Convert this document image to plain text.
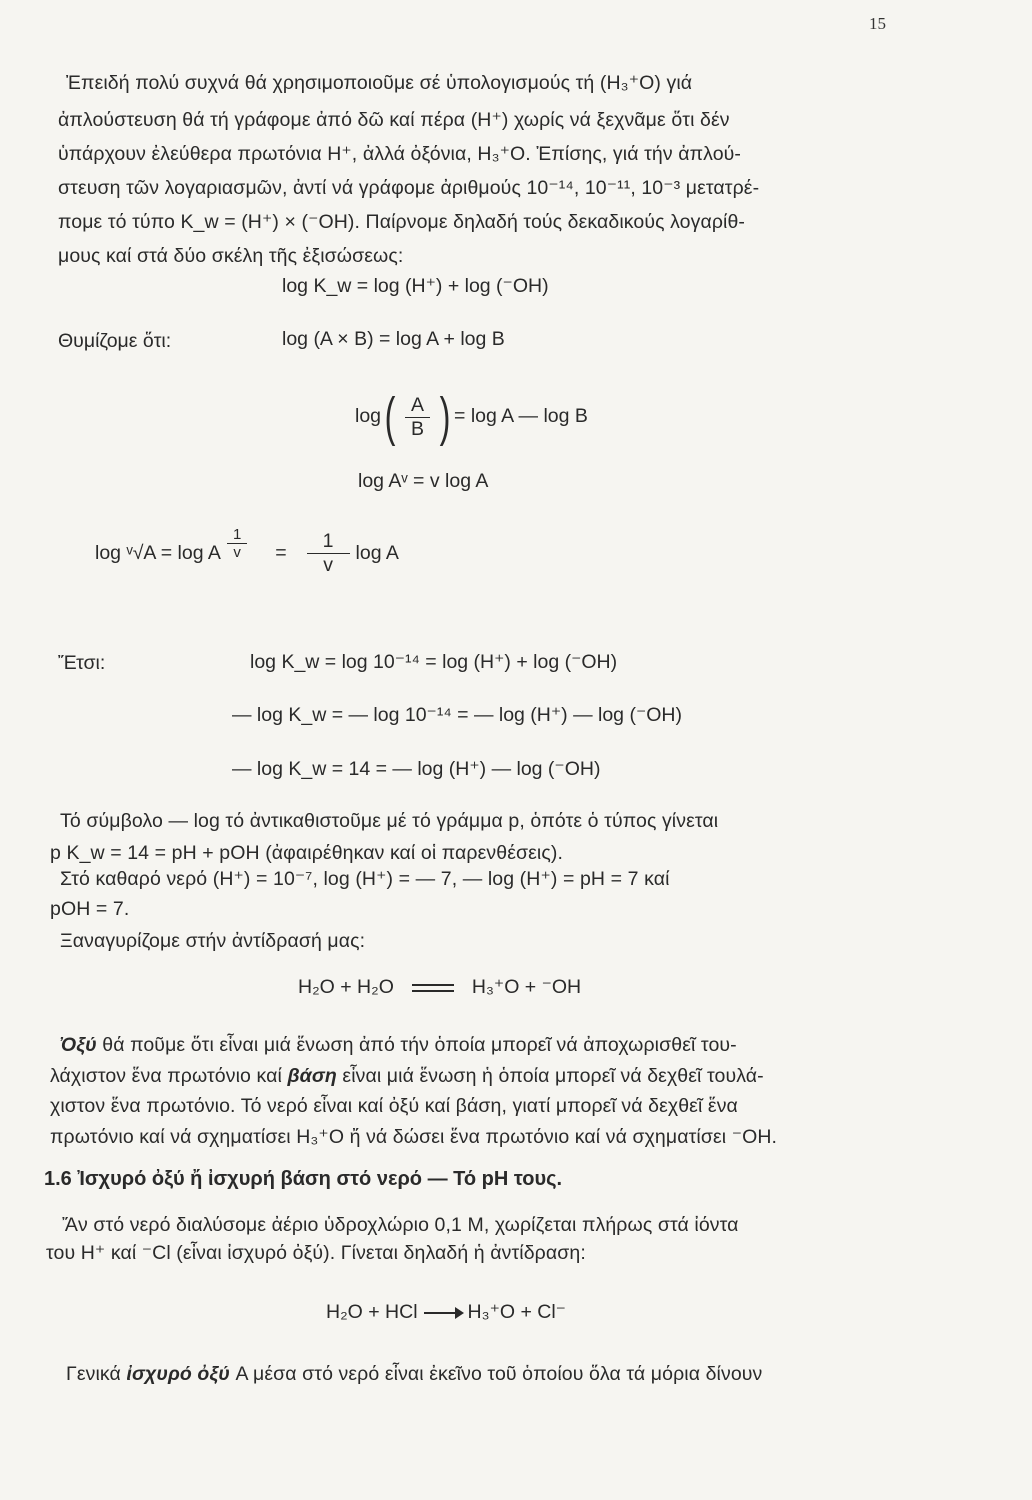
15
Ἐπειδή πολύ συχνά θά χρησιμοποιοῦμε σέ ὑπολογισμούς τή (H₃⁺O) γιά
ἀπλούστευση θά τή γράφομε ἀπό δῶ καί πέρα (H⁺) χωρίς νά ξεχνᾶμε ὅτι δέν
ὑπάρχουν ἐλεύθερα πρωτόνια H⁺, ἀλλά ὀξόνια, H₃⁺O. Ἐπίσης, γιά τήν ἀπλού-
στευση τῶν λογαριασμῶν, ἀντί νά γράφομε ἀριθμούς 10⁻¹⁴, 10⁻¹¹, 10⁻³ μετατρέ-
πομε τό τύπο K_w = (H⁺) × (⁻OH). Παίρνομε δηλαδή τούς δεκαδικούς λογαρίθ-
μους καί στά δύο σκέλη τῆς ἐξισώσεως:
log K_w = log (H⁺) + log (⁻OH)
Θυμίζομε ὅτι:	log (A × B) = log A + log B
$\log( \frac{A}{B}$ ) = log A — log B
log Aᵛ = v log A
log ᵛ√A = log A $\frac{1}{v} = \frac{1}{v}$ log A
Ἔτσι:	log K_w = log 10⁻¹⁴ = log (H⁺) + log (⁻OH)
— log K_w = — log 10⁻¹⁴ = — log (H⁺) — log (⁻OH)
— log K_w = 14 = — log (H⁺) — log (⁻OH)
Τό σύμβολο — log τό ἀντικαθιστοῦμε μέ τό γράμμα p, ὁπότε ὁ τύπος γίνεται
p K_w = 14 = pH + pOH (ἀφαιρέθηκαν καί οἱ παρενθέσεις).
Στό καθαρό νερό (H⁺) = 10⁻⁷, log (H⁺) = — 7, — log (H⁺) = pH = 7 καί
pOH = 7.
Ξαναγυρίζομε στήν ἀντίδρασή μας:
H₂O + H₂O	H₃⁺O + ⁻OH
Ὀξύ θά ποῦμε ὅτι εἶναι μιά ἕνωση ἀπό τήν ὁποία μπορεῖ νά ἀποχωρισθεῖ του-
λάχιστον ἕνα πρωτόνιο καί βάση εἶναι μιά ἕνωση ἡ ὁποία μπορεῖ νά δεχθεῖ τουλά-
χιστον ἕνα πρωτόνιο. Τό νερό εἶναι καί ὀξύ καί βάση, γιατί μπορεῖ νά δεχθεῖ ἕνα
πρωτόνιο καί νά σχηματίσει H₃⁺O ἤ νά δώσει ἕνα πρωτόνιο καί νά σχηματίσει ⁻OH.
1.6 Ἰσχυρό ὀξύ ἤ ἰσχυρή βάση στό νερό — Τό pH τους.
Ἄν στό νερό διαλύσομε ἀέριο ὑδροχλώριο 0,1 M, χωρίζεται πλήρως στά ἰόντα
του H⁺ καί ⁻Cl (εἶναι ἰσχυρό ὀξύ). Γίνεται δηλαδή ἡ ἀντίδραση:
H₂O + HCl → H₃⁺O + Cl⁻
Γενικά ἰσχυρό ὀξύ A μέσα στό νερό εἶναι ἐκεῖνο τοῦ ὁποίου ὅλα τά μόρια δίνουν
